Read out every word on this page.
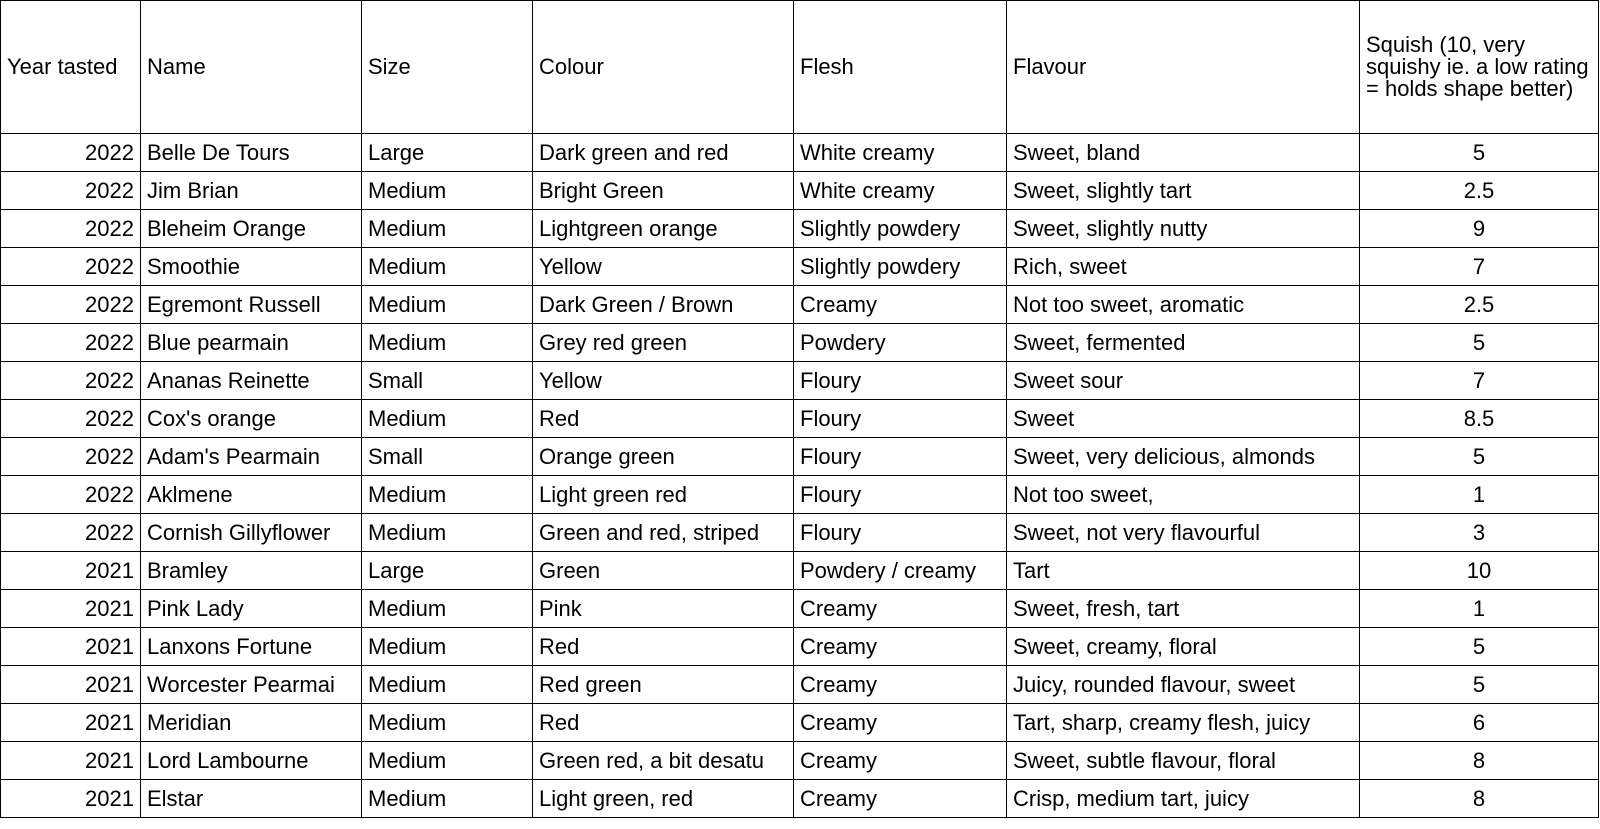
Year tasted	Name	Size	Colour	Flesh	Flavour	Squish (10, very squishy ie. a low rating = holds shape better)
2022	Belle De Tours	Large	Dark green and red	White creamy	Sweet, bland	5
2022	Jim Brian	Medium	Bright Green	White creamy	Sweet, slightly tart	2.5
2022	Bleheim Orange	Medium	Lightgreen orange	Slightly powdery	Sweet, slightly nutty	9
2022	Smoothie	Medium	Yellow	Slightly powdery	Rich, sweet	7
2022	Egremont Russell	Medium	Dark Green / Brown	Creamy	Not too sweet, aromatic	2.5
2022	Blue pearmain	Medium	Grey red green	Powdery	Sweet, fermented	5
2022	Ananas Reinette	Small	Yellow	Floury	Sweet sour	7
2022	Cox's orange	Medium	Red	Floury	Sweet	8.5
2022	Adam's Pearmain	Small	Orange green	Floury	Sweet, very delicious, almonds	5
2022	Aklmene	Medium	Light green red	Floury	Not too sweet,	1
2022	Cornish Gillyflower	Medium	Green and red, striped	Floury	Sweet, not very flavourful	3
2021	Bramley	Large	Green	Powdery / creamy	Tart	10
2021	Pink Lady	Medium	Pink	Creamy	Sweet, fresh, tart	1
2021	Lanxons Fortune	Medium	Red	Creamy	Sweet, creamy, floral	5
2021	Worcester Pearmai	Medium	Red green	Creamy	Juicy, rounded flavour, sweet	5
2021	Meridian	Medium	Red	Creamy	Tart, sharp, creamy flesh, juicy	6
2021	Lord Lambourne	Medium	Green red, a bit desatu	Creamy	Sweet, subtle flavour, floral	8
2021	Elstar	Medium	Light green, red	Creamy	Crisp, medium tart, juicy	8
